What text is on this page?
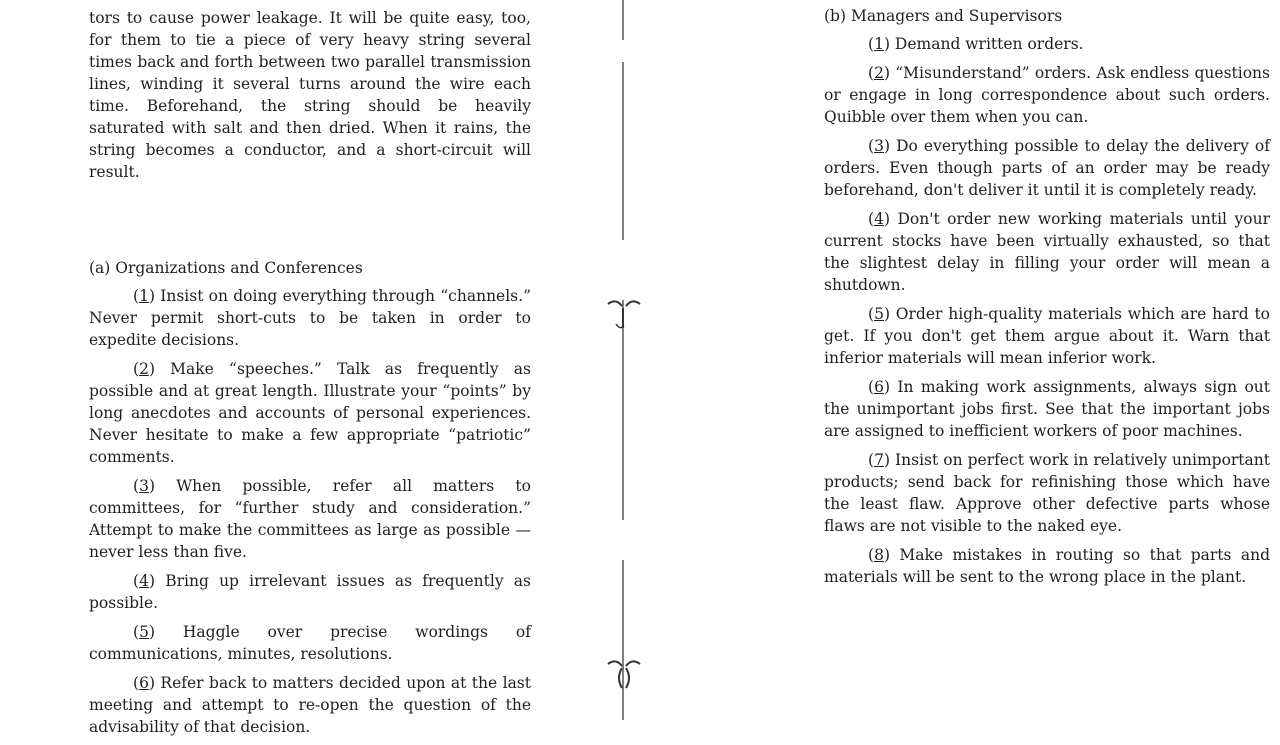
tors to cause power leakage. It will be quite easy, too, for them to tie a piece of very heavy string several times back and forth between two parallel transmission lines, winding it several turns around the wire each time. Beforehand, the string should be heavily saturated with salt and then dried. When it rains, the string becomes a conductor, and a short-circuit will result.

(a) Organizations and Conferences

(1) Insist on doing everything through “channels.” Never permit short-cuts to be taken in order to expedite decisions.

(2) Make “speeches.” Talk as frequently as possible and at great length. Illustrate your “points” by long anecdotes and accounts of personal experiences. Never hesitate to make a few appropriate “patriotic” comments.

(3) When possible, refer all matters to committees, for “further study and consideration.” Attempt to make the committees as large as possible — never less than five.

(4) Bring up irrelevant issues as frequently as possible.

(5) Haggle over precise wordings of communications, minutes, resolutions.

(6) Refer back to matters decided upon at the last meeting and attempt to re-open the question of the advisability of that decision.

(b) Managers and Supervisors

(1) Demand written orders.

(2) “Misunderstand” orders. Ask endless questions or engage in long correspondence about such orders. Quibble over them when you can.

(3) Do everything possible to delay the delivery of orders. Even though parts of an order may be ready beforehand, don't deliver it until it is completely ready.

(4) Don't order new working materials until your current stocks have been virtually exhausted, so that the slightest delay in filling your order will mean a shutdown.

(5) Order high-quality materials which are hard to get. If you don't get them argue about it. Warn that inferior materials will mean inferior work.

(6) In making work assignments, always sign out the unimportant jobs first. See that the important jobs are assigned to inefficient workers of poor machines.

(7) Insist on perfect work in relatively unimportant products; send back for refinishing those which have the least flaw. Approve other defective parts whose flaws are not visible to the naked eye.

(8) Make mistakes in routing so that parts and materials will be sent to the wrong place in the plant.
